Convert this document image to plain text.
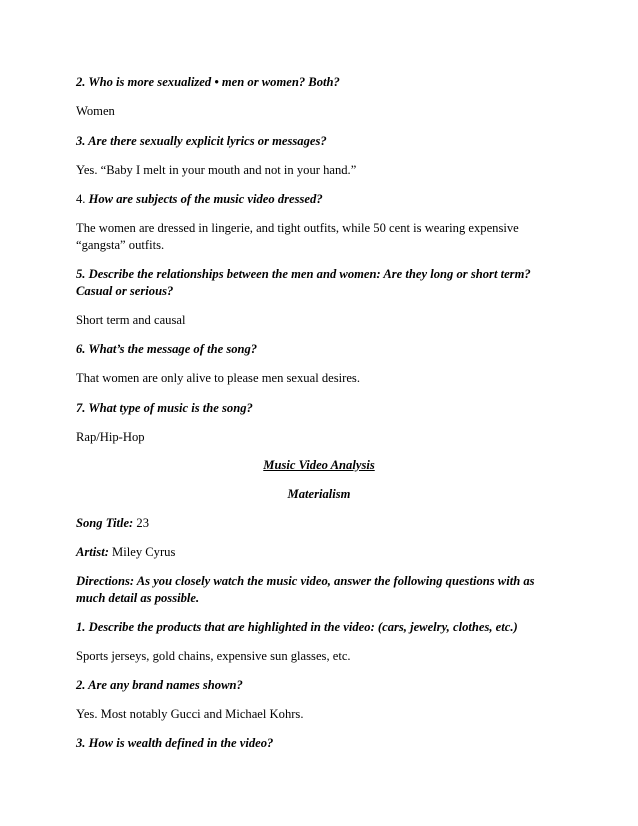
2. Who is more sexualized • men or women? Both?

Women

3. Are there sexually explicit lyrics or messages?

Yes. “Baby I melt in your mouth and not in your hand.”

4. How are subjects of the music video dressed?

The women are dressed in lingerie, and tight outfits, while 50 cent is wearing expensive

“gangsta” outfits.

5. Describe the relationships between the men and women: Are they long or short term?

Casual or serious?

Short term and causal

6. What’s the message of the song?

That women are only alive to please men sexual desires.

7. What type of music is the song?

Rap/Hip-Hop

Music Video Analysis

Materialism

Song Title: 23

Artist: Miley Cyrus

Directions: As you closely watch the music video, answer the following questions with as

much detail as possible.

1. Describe the products that are highlighted in the video: (cars, jewelry, clothes, etc.)

Sports jerseys, gold chains, expensive sun glasses, etc.

2. Are any brand names shown?

Yes. Most notably Gucci and Michael Kohrs.

3. How is wealth defined in the video?
